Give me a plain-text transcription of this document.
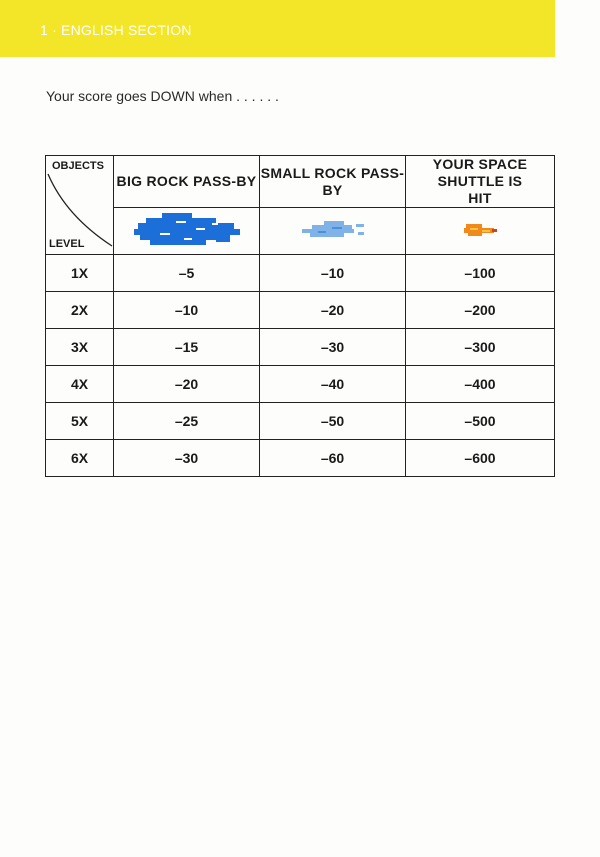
1 · ENGLISH SECTION
Your score goes DOWN when . . . . . .
OBJECTS
LEVEL	BIG ROCK PASS-BY	SMALL ROCK PASS-BY	YOUR SPACE SHUTTLE IS HIT

1X	–5	–10	–100
2X	–10	–20	–200
3X	–15	–30	–300
4X	–20	–40	–400
5X	–25	–50	–500
6X	–30	–60	–600
